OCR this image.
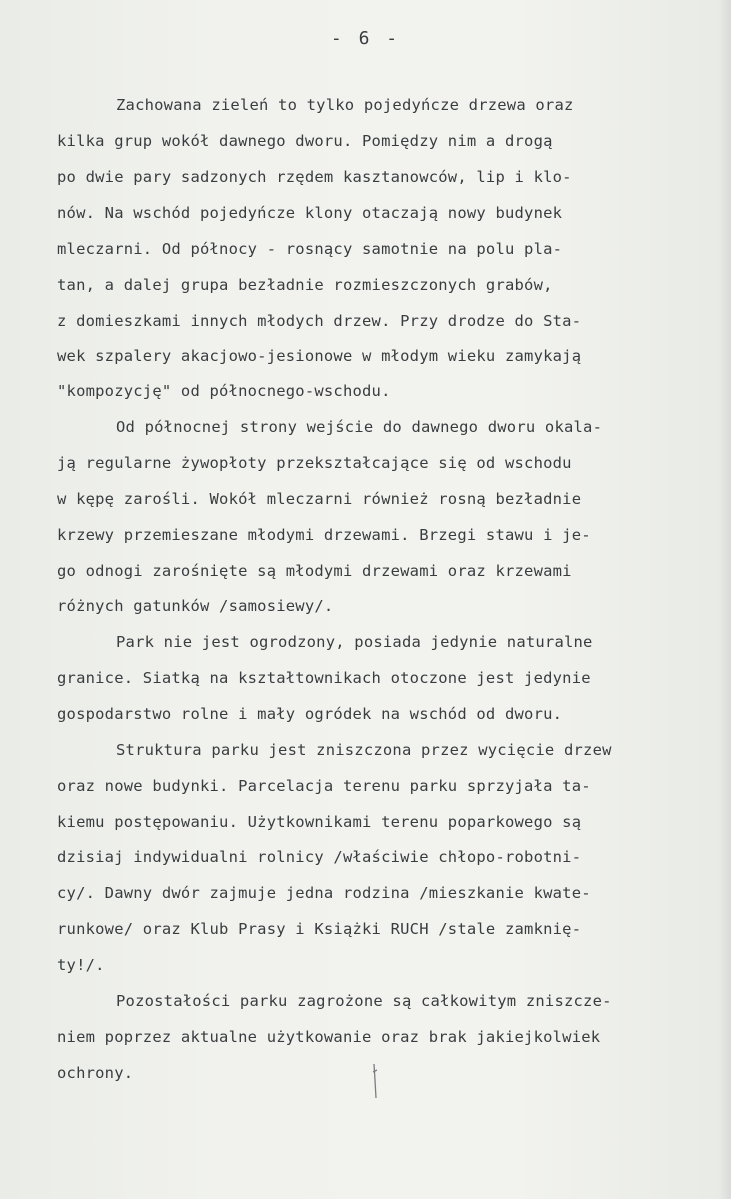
- 6 -
Zachowana zieleń to tylko pojedyńcze drzewa oraz
kilka grup wokół dawnego dworu. Pomiędzy nim a drogą
po dwie pary sadzonych rzędem kasztanowców, lip i klo-
nów. Na wschód pojedyńcze klony otaczają nowy budynek
mleczarni. Od północy - rosnący samotnie na polu pla-
tan, a dalej grupa bezładnie rozmieszczonych grabów,
z domieszkami innych młodych drzew. Przy drodze do Sta-
wek szpalery akacjowo-jesionowe w młodym wieku zamykają
"kompozycję" od północnego-wschodu.
Od północnej strony wejście do dawnego dworu okala-
ją regularne żywopłoty przekształcające się od wschodu
w kępę zarośli. Wokół mleczarni również rosną bezładnie
krzewy przemieszane młodymi drzewami. Brzegi stawu i je-
go odnogi zarośnięte są młodymi drzewami oraz krzewami
różnych gatunków /samosiewy/.
Park nie jest ogrodzony, posiada jedynie naturalne
granice. Siatką na kształtownikach otoczone jest jedynie
gospodarstwo rolne i mały ogródek na wschód od dworu.
Struktura parku jest zniszczona przez wycięcie drzew
oraz nowe budynki. Parcelacja terenu parku sprzyjała ta-
kiemu postępowaniu. Użytkownikami terenu poparkowego są
dzisiaj indywidualni rolnicy /właściwie chłopo-robotni-
cy/. Dawny dwór zajmuje jedna rodzina /mieszkanie kwate-
runkowe/ oraz Klub Prasy i Książki RUCH /stale zamknię-
ty!/.
Pozostałości parku zagrożone są całkowitym zniszcze-
niem poprzez aktualne użytkowanie oraz brak jakiejkolwiek
ochrony.
